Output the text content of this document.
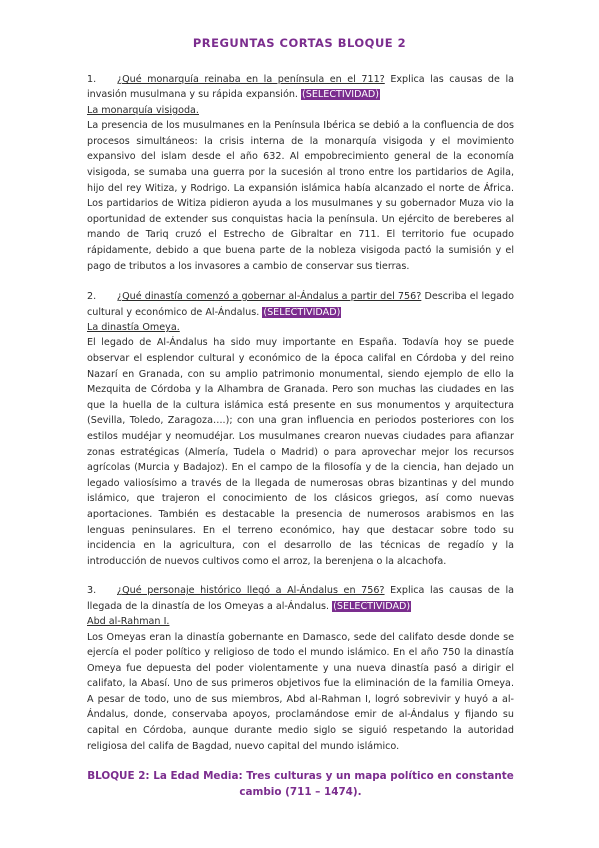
PREGUNTAS CORTAS BLOQUE 2
1. ¿Qué monarquía reinaba en la península en el 711? Explica las causas de la invasión musulmana y su rápida expansión. (SELECTIVIDAD)

La monarquía visigoda.

La presencia de los musulmanes en la Península Ibérica se debió a la confluencia de dos procesos simultáneos: la crisis interna de la monarquía visigoda y el movimiento expansivo del islam desde el año 632. Al empobrecimiento general de la economía visigoda, se sumaba una guerra por la sucesión al trono entre los partidarios de Agila, hijo del rey Witiza, y Rodrigo. La expansión islámica había alcanzado el norte de África. Los partidarios de Witiza pidieron ayuda a los musulmanes y su gobernador Muza vio la oportunidad de extender sus conquistas hacia la península. Un ejército de bereberes al mando de Tariq cruzó el Estrecho de Gibraltar en 711. El territorio fue ocupado rápidamente, debido a que buena parte de la nobleza visigoda pactó la sumisión y el pago de tributos a los invasores a cambio de conservar sus tierras.

2. ¿Qué dinastía comenzó a gobernar al-Ándalus a partir del 756? Describa el legado cultural y económico de Al-Ándalus. (SELECTIVIDAD)

La dinastía Omeya.

El legado de Al-Ándalus ha sido muy importante en España. Todavía hoy se puede observar el esplendor cultural y económico de la época califal en Córdoba y del reino Nazarí en Granada, con su amplio patrimonio monumental, siendo ejemplo de ello la Mezquita de Córdoba y la Alhambra de Granada. Pero son muchas las ciudades en las que la huella de la cultura islámica está presente en sus monumentos y arquitectura (Sevilla, Toledo, Zaragoza….); con una gran influencia en periodos posteriores con los estilos mudéjar y neomudéjar. Los musulmanes crearon nuevas ciudades para afianzar zonas estratégicas (Almería, Tudela o Madrid) o para aprovechar mejor los recursos agrícolas (Murcia y Badajoz). En el campo de la filosofía y de la ciencia, han dejado un legado valiosísimo a través de la llegada de numerosas obras bizantinas y del mundo islámico, que trajeron el conocimiento de los clásicos griegos, así como nuevas aportaciones. También es destacable la presencia de numerosos arabismos en las lenguas peninsulares. En el terreno económico, hay que destacar sobre todo su incidencia en la agricultura, con el desarrollo de las técnicas de regadío y la introducción de nuevos cultivos como el arroz, la berenjena o la alcachofa.

3. ¿Qué personaje histórico llegó a Al-Ándalus en 756? Explica las causas de la llegada de la dinastía de los Omeyas a al-Ándalus. (SELECTIVIDAD)

Abd al-Rahman I.

Los Omeyas eran la dinastía gobernante en Damasco, sede del califato desde donde se ejercía el poder político y religioso de todo el mundo islámico. En el año 750 la dinastía Omeya fue depuesta del poder violentamente y una nueva dinastía pasó a dirigir el califato, la Abasí. Uno de sus primeros objetivos fue la eliminación de la familia Omeya. A pesar de todo, uno de sus miembros, Abd al-Rahman I, logró sobrevivir y huyó a al-Ándalus, donde, conservaba apoyos, proclamándose emir de al-Ándalus y fijando su capital en Córdoba, aunque durante medio siglo se siguió respetando la autoridad religiosa del califa de Bagdad, nuevo capital del mundo islámico.

BLOQUE 2: La Edad Media: Tres culturas y un mapa político en constante cambio (711 – 1474).
